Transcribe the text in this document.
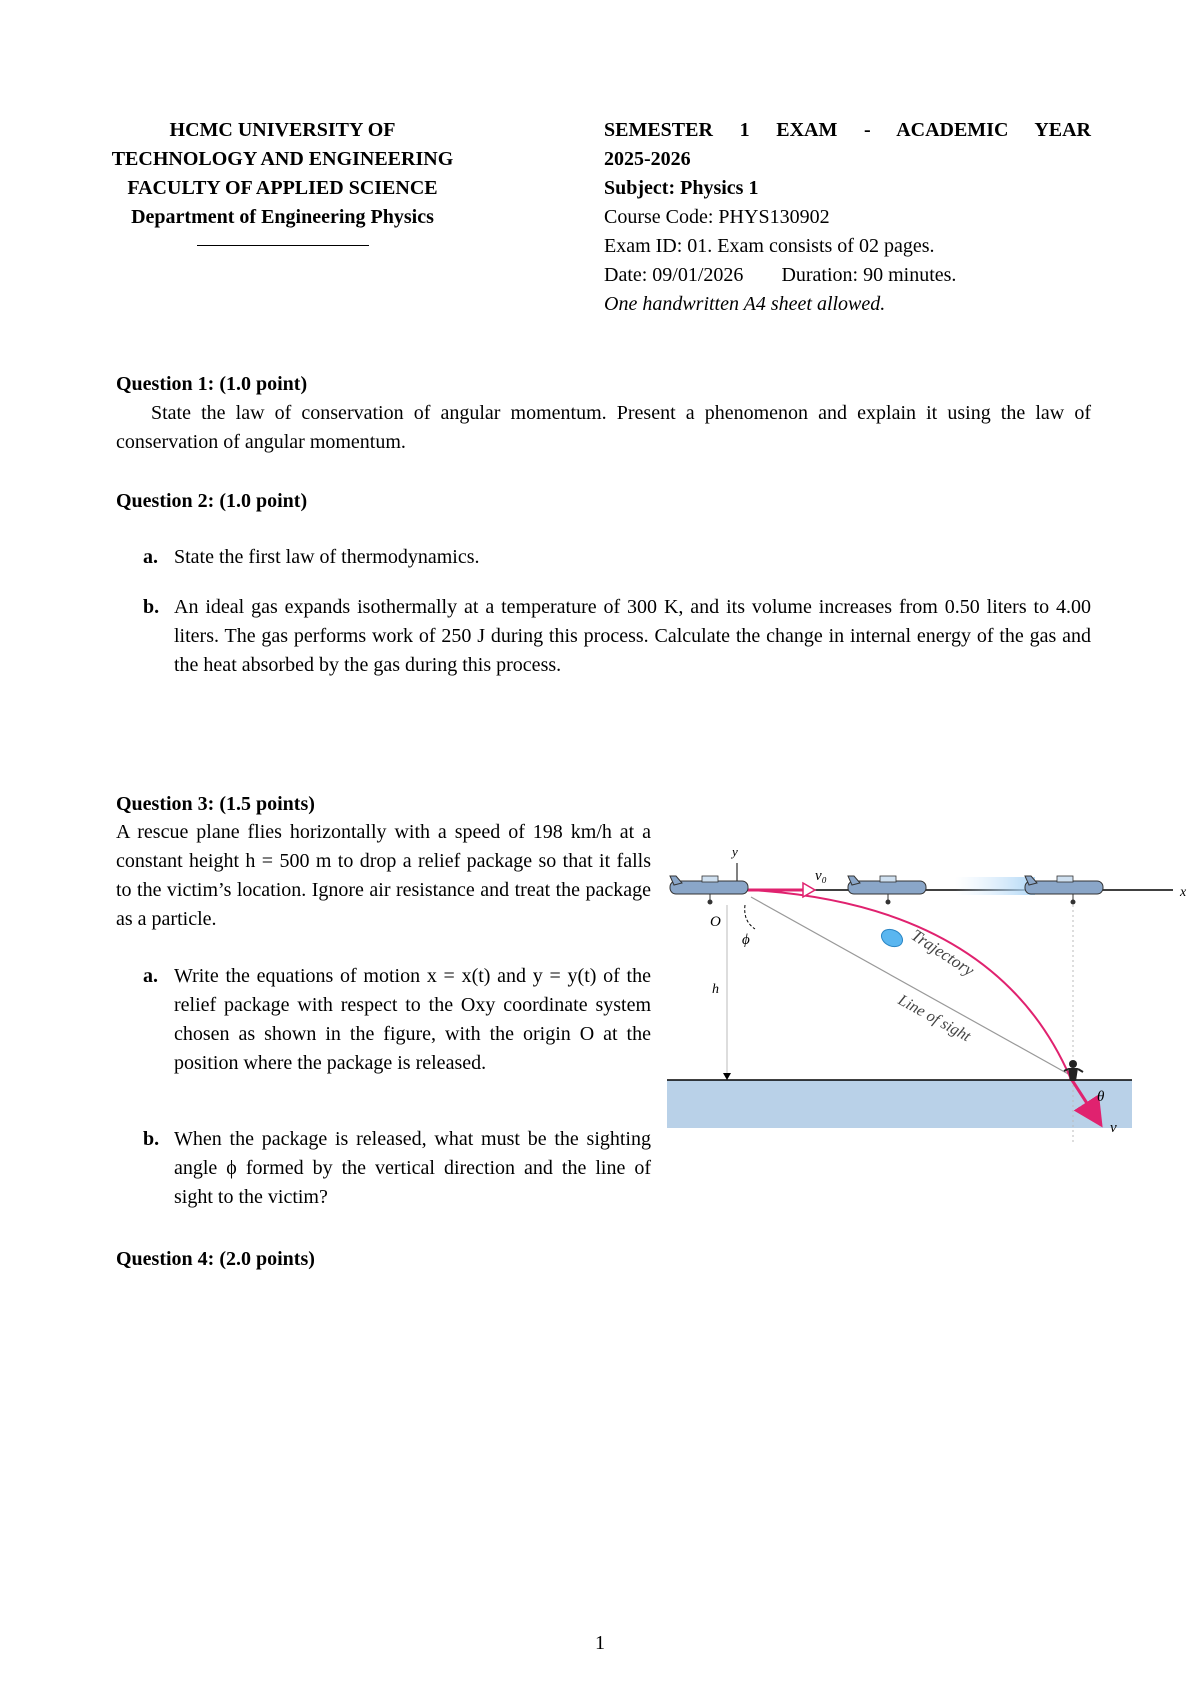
HCMC UNIVERSITY OF
TECHNOLOGY AND ENGINEERING
FACULTY OF APPLIED SCIENCE
Department of Engineering Physics
SEMESTER 1 EXAM - ACADEMIC YEAR
2025-2026
Subject: Physics 1
Course Code: PHYS130902
Exam ID: 01. Exam consists of 02 pages.
Date: 09/01/2026 Duration: 90 minutes.
One handwritten A4 sheet allowed.
Question 1: (1.0 point)
State the law of conservation of angular momentum. Present a phenomenon and explain it using the law of conservation of angular momentum.
Question 2: (1.0 point)
a. State the first law of thermodynamics.
b. An ideal gas expands isothermally at a temperature of 300 K, and its volume increases from 0.50 liters to 4.00 liters. The gas performs work of 250 J during this process. Calculate the change in internal energy of the gas and the heat absorbed by the gas during this process.
Question 3: (1.5 points)
A rescue plane flies horizontally with a speed of 198 km/h at a constant height h = 500 m to drop a relief package so that it falls to the victim’s location. Ignore air resistance and treat the package as a particle.
a. Write the equations of motion x = x(t) and y = y(t) of the relief package with respect to the Oxy coordinate system chosen as shown in the figure, with the origin O at the position where the package is released.
b. When the package is released, what must be the sighting angle ϕ formed by the vertical direction and the line of sight to the victim?
x
y
O
h
Line of sight
ϕ	Trajectory
v₀
v
θ
Question 4: (2.0 points)
1
